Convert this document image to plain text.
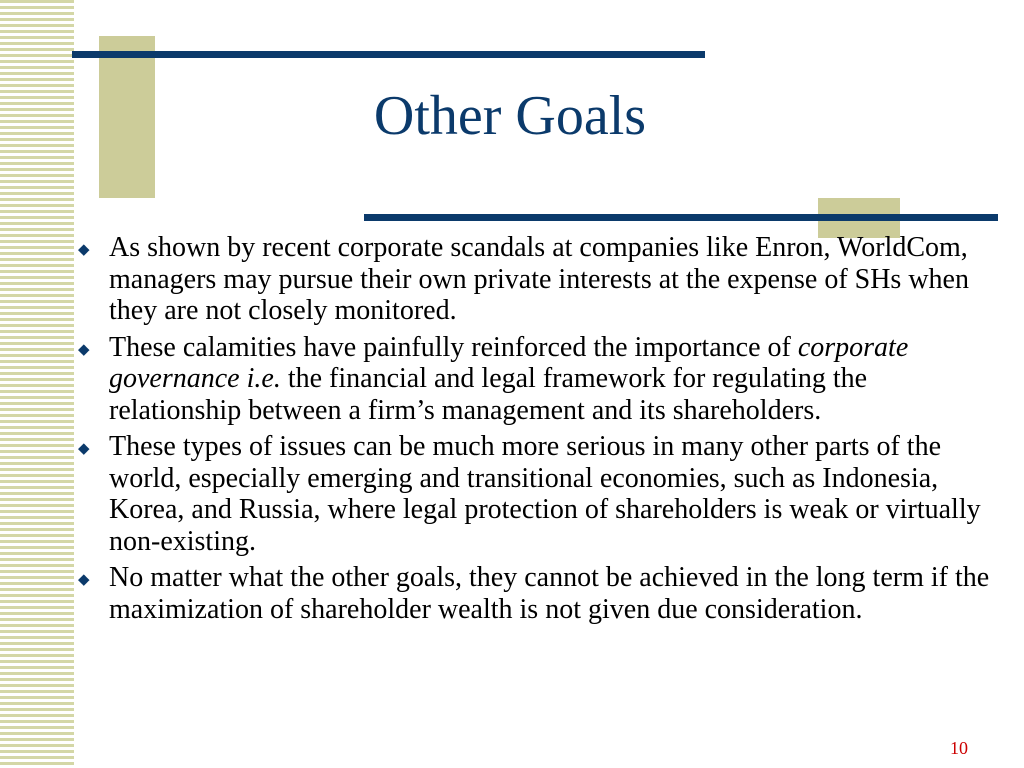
Other Goals
◆ As shown by recent corporate scandals at companies like Enron, WorldCom, managers may pursue their own private interests at the expense of SHs when they are not closely monitored.
◆ These calamities have painfully reinforced the importance of corporate governance i.e. the financial and legal framework for regulating the relationship between a firm’s management and its shareholders.
◆ These types of issues can be much more serious in many other parts of the world, especially emerging and transitional economies, such as Indonesia, Korea, and Russia, where legal protection of shareholders is weak or virtually non-existing.
◆ No matter what the other goals, they cannot be achieved in the long term if the maximization of shareholder wealth is not given due consideration.
10
